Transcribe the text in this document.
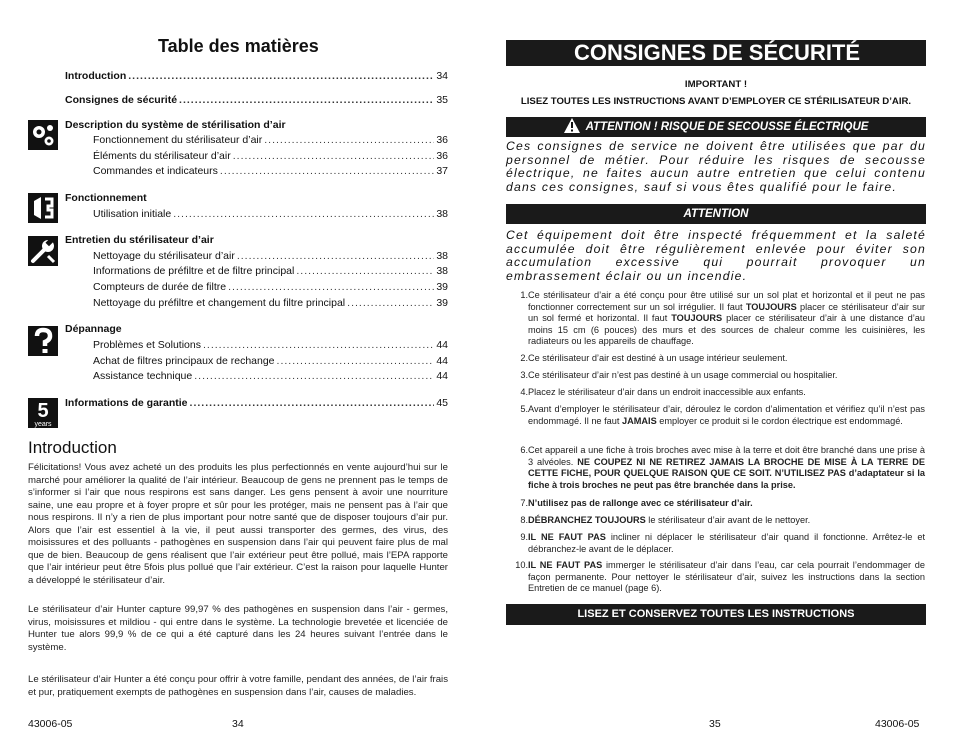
Table des matières
Introduction .....	34
Consignes de sécurité .....	35
Description du système de stérilisation d’air
Fonctionnement du stérilisateur d’air .....	36
Éléments du stérilisateur d’air .....	36
Commandes et indicateurs .....	37
Fonctionnement
Utilisation initiale .....	38
Entretien du stérilisateur d’air
Nettoyage du stérilisateur d’air .....	38
Informations de préfiltre et de filtre principal .....	38
Compteurs de durée de filtre .....	39
Nettoyage du préfiltre et changement du filtre principal .....	39
Dépannage
Problèmes et Solutions .....	44
Achat de filtres principaux de rechange .....	44
Assistance technique .....	44
5
years
Informations de garantie .....	45
Introduction

Félicitations! Vous avez acheté un des produits les plus perfectionnés en vente aujourd’hui sur le marché pour améliorer la qualité de l’air intérieur. Beaucoup de gens ne prennent pas le temps de s’informer si l’air que nous respirons est sans danger. Les gens pensent à avoir une nourriture saine, une eau propre et à foyer propre et sûr pour les protéger, mais ne pensent pas à l’air que nous respirons. Il n’y a rien de plus important pour notre santé que de disposer toujours d’air pur. Alors que l’air est essentiel à la vie, il peut aussi transporter des germes, des virus, des moisissures et des polluants - pathogènes en suspension dans l’air qui peuvent faire plus de mal que de bien. Beaucoup de gens réalisent que l’air extérieur peut être pollué, mais l’EPA rapporte que l’air intérieur peut être 5fois plus pollué que l’air extérieur. C’est la raison pour laquelle Hunter a développé le stérilisateur d’air.

Le stérilisateur d’air Hunter capture 99,97 % des pathogènes en suspension dans l’air - germes, virus, moisissures et mildiou - qui entre dans le système. La technologie brevetée et licenciée de Hunter tue alors 99,9 % de ce qui a été capturé dans les 24 heures suivant l’entrée dans le système.

Le stérilisateur d’air Hunter a été conçu pour offrir à votre famille, pendant des années, de l’air frais et pur, pratiquement exempts de pathogènes en suspension dans l’air, causes de maladies.

43006-05	34
CONSIGNES DE SÉCURITÉ
IMPORTANT !
LISEZ TOUTES LES INSTRUCTIONS AVANT D’EMPLOYER CE STÉRILISATEUR D’AIR.
ATTENTION ! RISQUE DE SECOUSSE ÉLECTRIQUE

Ces consignes de service ne doivent être utilisées que par du personnel de métier. Pour réduire les risques de secousse électrique, ne faites aucun autre entretien que celui contenu dans ces consignes, sauf si vous êtes qualifié pour le faire.

ATTENTION

Cet équipement doit être inspecté fréquemment et la saleté accumulée doit être régulièrement enlevée pour éviter son accumulation excessive qui pourrait provoquer un embrassement éclair ou un incendie.

1. Ce stérilisateur d’air a été conçu pour être utilisé sur un sol plat et horizontal et il peut ne pas fonctionner correctement sur un sol irrégulier. Il faut TOUJOURS placer ce stérilisateur d’air sur un sol fermé et horizontal. Il faut TOUJOURS placer ce stérilisateur d’air à une distance d’au moins 15 cm (6 pouces) des murs et des sources de chaleur comme les cuisinières, les radiateurs ou les appareils de chauffage.
2. Ce stérilisateur d’air est destiné à un usage intérieur seulement.
3. Ce stérilisateur d’air n’est pas destiné à un usage commercial ou hospitalier.
4. Placez le stérilisateur d’air dans un endroit inaccessible aux enfants.
5. Avant d’employer le stérilisateur d’air, déroulez le cordon d’alimentation et vérifiez qu’il n’est pas endommagé. Il ne faut JAMAIS employer ce produit si le cordon électrique est endommagé.
6. Cet appareil a une fiche à trois broches avec mise à la terre et doit être branché dans une prise à 3 alvéoles. NE COUPEZ NI NE RETIREZ JAMAIS LA BROCHE DE MISE À LA TERRE DE CETTE FICHE, POUR QUELQUE RAISON QUE CE SOIT. N’UTILISEZ PAS d’adaptateur si la fiche à trois broches ne peut pas être branchée dans la prise.
7. N’utilisez pas de rallonge avec ce stérilisateur d’air.
8. DÉBRANCHEZ TOUJOURS le stérilisateur d’air avant de le nettoyer.
9. IL NE FAUT PAS incliner ni déplacer le stérilisateur d’air quand il fonctionne. Arrêtez-le et débranchez-le avant de le déplacer.
10. IL NE FAUT PAS immerger le stérilisateur d’air dans l’eau, car cela pourrait l’endommager de façon permanente. Pour nettoyer le stérilisateur d’air, suivez les instructions dans la section Entretien de ce manuel (page 6).
LISEZ ET CONSERVEZ TOUTES LES INSTRUCTIONS
35	43006-05
